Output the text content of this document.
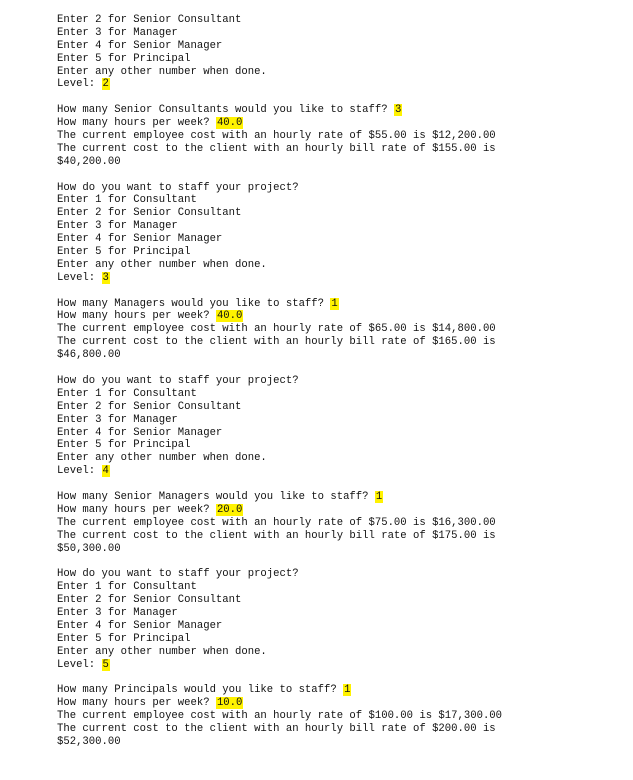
Enter 2 for Senior Consultant
Enter 3 for Manager
Enter 4 for Senior Manager
Enter 5 for Principal
Enter any other number when done.
Level: 2
How many Senior Consultants would you like to staff? 3
How many hours per week? 40.0
The current employee cost with an hourly rate of $55.00 is $12,200.00
The current cost to the client with an hourly bill rate of $155.00 is
$40,200.00
How do you want to staff your project?
Enter 1 for Consultant
Enter 2 for Senior Consultant
Enter 3 for Manager
Enter 4 for Senior Manager
Enter 5 for Principal
Enter any other number when done.
Level: 3
How many Managers would you like to staff? 1
How many hours per week? 40.0
The current employee cost with an hourly rate of $65.00 is $14,800.00
The current cost to the client with an hourly bill rate of $165.00 is
$46,800.00
How do you want to staff your project?
Enter 1 for Consultant
Enter 2 for Senior Consultant
Enter 3 for Manager
Enter 4 for Senior Manager
Enter 5 for Principal
Enter any other number when done.
Level: 4
How many Senior Managers would you like to staff? 1
How many hours per week? 20.0
The current employee cost with an hourly rate of $75.00 is $16,300.00
The current cost to the client with an hourly bill rate of $175.00 is
$50,300.00
How do you want to staff your project?
Enter 1 for Consultant
Enter 2 for Senior Consultant
Enter 3 for Manager
Enter 4 for Senior Manager
Enter 5 for Principal
Enter any other number when done.
Level: 5
How many Principals would you like to staff? 1
How many hours per week? 10.0
The current employee cost with an hourly rate of $100.00 is $17,300.00
The current cost to the client with an hourly bill rate of $200.00 is
$52,300.00
